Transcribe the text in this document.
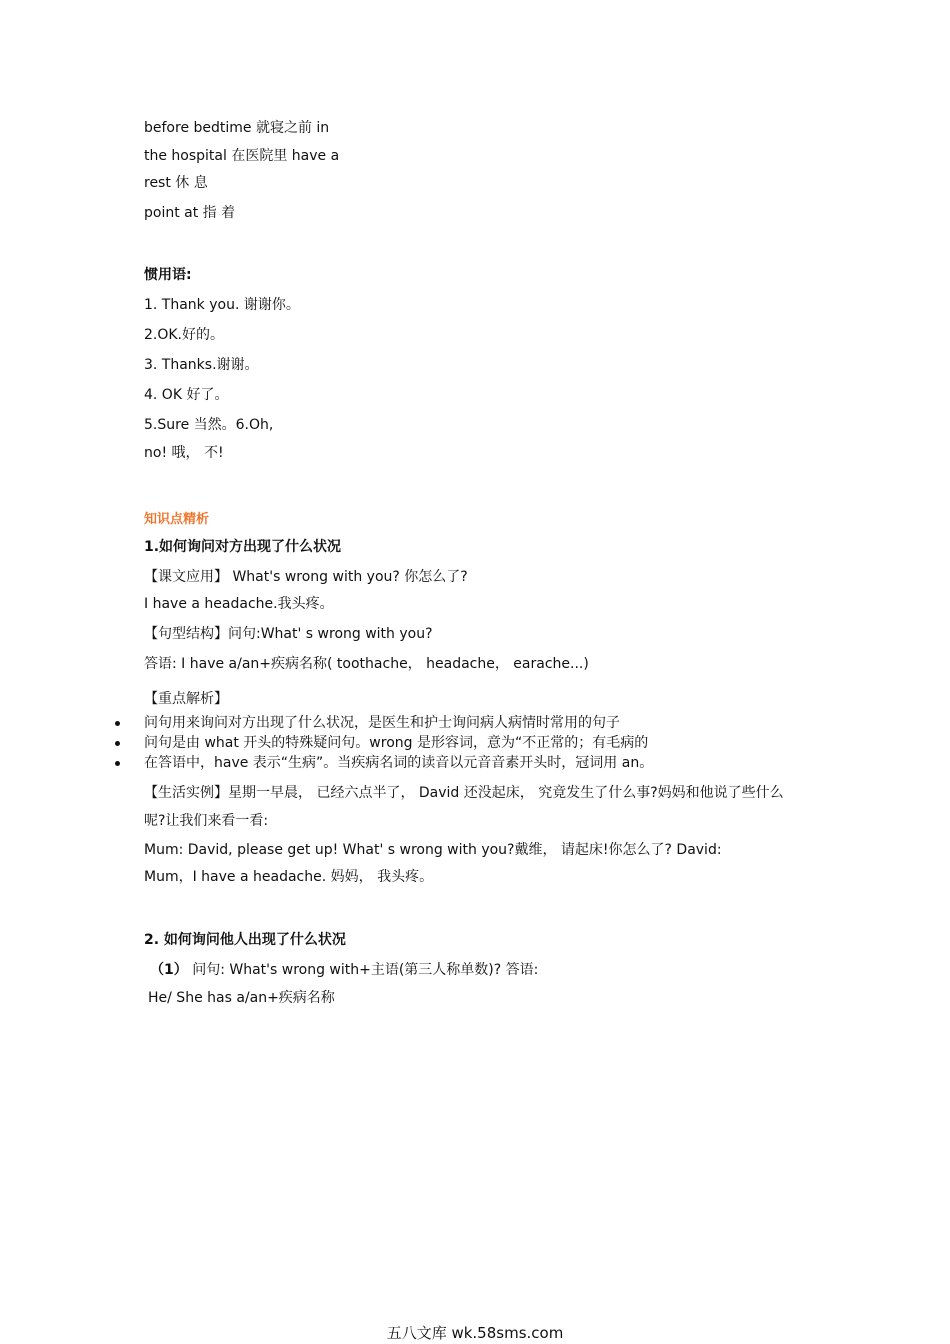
before bedtime 就寝之前 in
the hospital 在医院里 have a
rest 休 息
point at 指 着
惯用语:
1. Thank you. 谢谢你。
2.OK.好的。
3. Thanks.谢谢。
4. OK 好了。
5.Sure 当然。6.Oh,
no! 哦， 不!
知识点精析
1.如何询问对方出现了什么状况
【课文应用】 What's wrong with you? 你怎么了?
I have a headache.我头疼。
【句型结构】问句:What' s wrong with you?
答语: I have a/an+疾病名称( toothache， headache， earache...)
【重点解析】
问句用来询问对方出现了什么状况，是医生和护士询问病人病情时常用的句子
问句是由 what 开头的特殊疑问句。wrong 是形容词，意为“不正常的；有毛病的
在答语中，have 表示“生病”。当疾病名词的读音以元音音素开头时，冠词用 an。
【生活实例】星期一早晨， 已经六点半了， David 还没起床， 究竟发生了什么事?妈妈和他说了些什么
呢?让我们来看一看:
Mum: David, please get up! What' s wrong with you?戴维， 请起床!你怎么了? David:
Mum，I have a headache. 妈妈， 我头疼。
2. 如何询问他人出现了什么状况
（1） 问句: What's wrong with+主语(第三人称单数)? 答语:
He/ She has a/an+疾病名称
五八文库 wk.58sms.com
